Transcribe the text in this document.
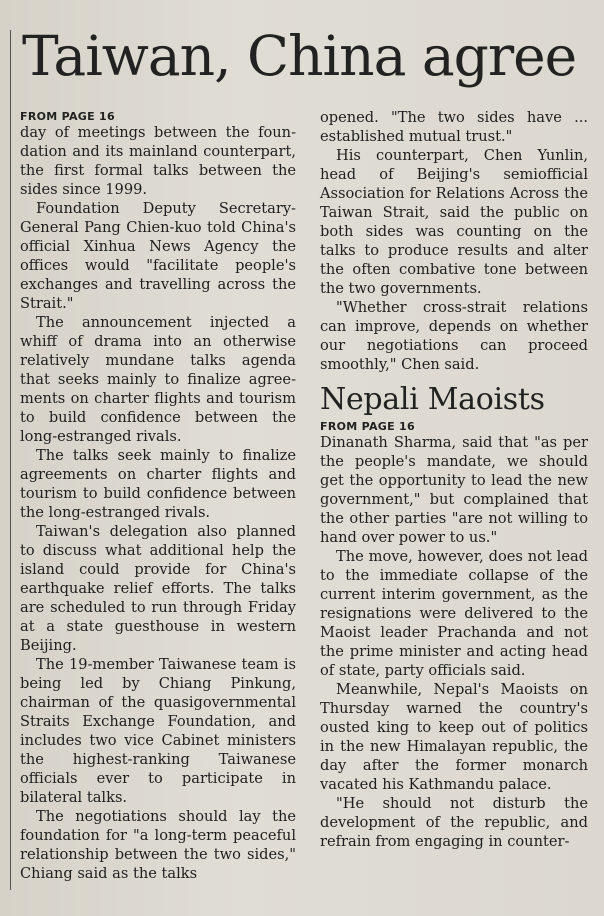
Taiwan, China agree
FROM PAGE 16

day of meetings between the foundation and its mainland counterpart, the first formal talks between the sides since 1999.

Foundation Deputy Secretary-General Pang Chien-kuo told China's official Xinhua News Agency the offices would "facilitate people's exchanges and travelling across the Strait."

The announcement injected a whiff of drama into an otherwise relatively mundane talks agenda that seeks mainly to finalize agreements on charter flights and tourism to build confidence between the long-estranged rivals.

The talks seek mainly to finalize agreements on charter flights and tourism to build confidence between the long-estranged rivals.

Taiwan's delegation also planned to discuss what additional help the island could provide for China's earthquake relief efforts. The talks are scheduled to run through Friday at a state guesthouse in western Beijing.

The 19-member Taiwanese team is being led by Chiang Pinkung, chairman of the quasigovernmental Straits Exchange Foundation, and includes two vice Cabinet ministers the highest-ranking Taiwanese officials ever to participate in bilateral talks.

The negotiations should lay the foundation for "a long-term peaceful relationship between the two sides," Chiang said as the talks

opened. "The two sides have ... established mutual trust."

His counterpart, Chen Yunlin, head of Beijing's semiofficial Association for Relations Across the Taiwan Strait, said the public on both sides was counting on the talks to produce results and alter the often combative tone between the two governments.

"Whether cross-strait relations can improve, depends on whether our negotiations can proceed smoothly," Chen said.

Nepali Maoists
FROM PAGE 16

Dinanath Sharma, said that "as per the people's mandate, we should get the opportunity to lead the new government," but complained that the other parties "are not willing to hand over power to us."

The move, however, does not lead to the immediate collapse of the current interim government, as the resignations were delivered to the Maoist leader Prachanda and not the prime minister and acting head of state, party officials said.

Meanwhile, Nepal's Maoists on Thursday warned the country's ousted king to keep out of politics in the new Himalayan republic, the day after the former monarch vacated his Kathmandu palace.

"He should not disturb the development of the republic, and refrain from engaging in counter-
